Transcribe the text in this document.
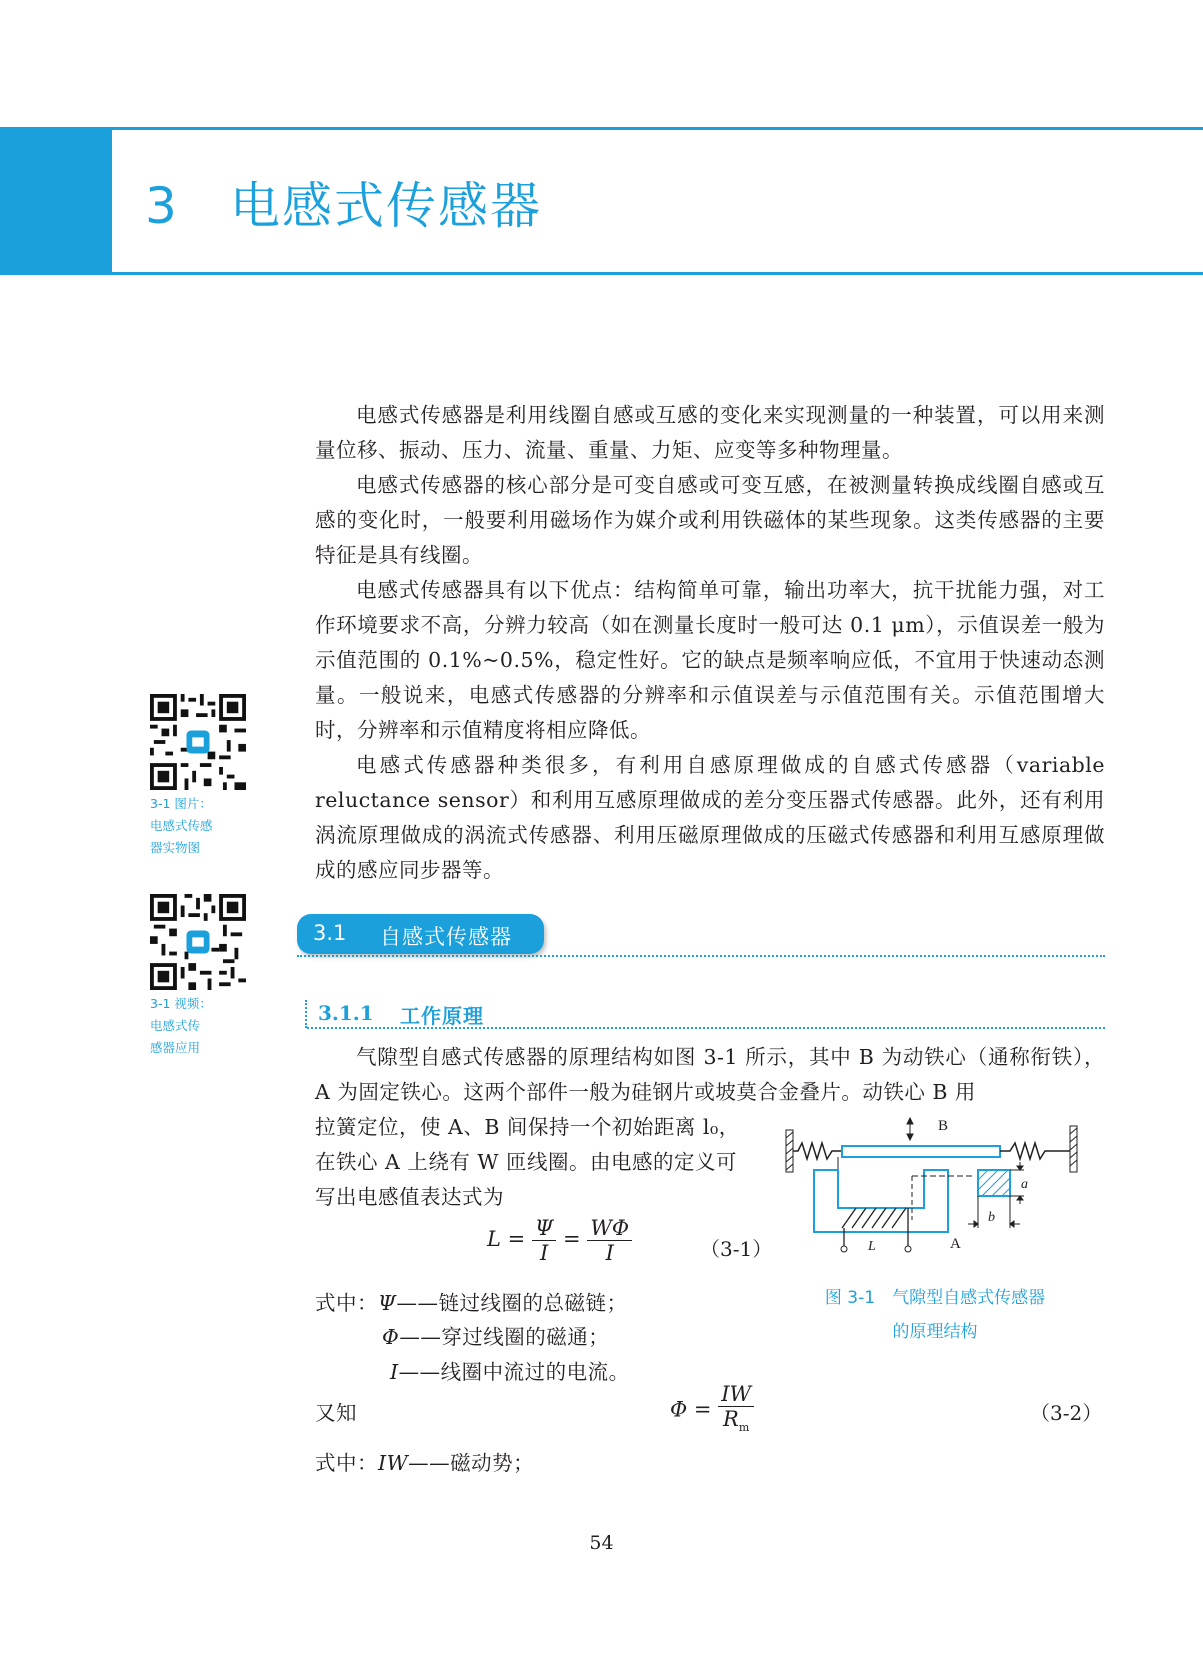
3 电感式传感器

电感式传感器是利用线圈自感或互感的变化来实现测量的一种装置，可以用来测量位移、振动、压力、流量、重量、力矩、应变等多种物理量。

电感式传感器的核心部分是可变自感或可变互感，在被测量转换成线圈自感或互感的变化时，一般要利用磁场作为媒介或利用铁磁体的某些现象。这类传感器的主要特征是具有线圈。

电感式传感器具有以下优点：结构简单可靠，输出功率大，抗干扰能力强，对工作环境要求不高，分辨力较高（如在测量长度时一般可达 0.1 μm），示值误差一般为示值范围的 0.1%~0.5%，稳定性好。它的缺点是频率响应低，不宜用于快速动态测量。一般说来，电感式传感器的分辨率和示值误差与示值范围有关。示值范围增大时，分辨率和示值精度将相应降低。

电感式传感器种类很多，有利用自感原理做成的自感式传感器（variable reluctance sensor）和利用互感原理做成的差分变压器式传感器。此外，还有利用涡流原理做成的涡流式传感器、利用压磁原理做成的压磁式传感器和利用互感原理做成的感应同步器等。

3-1 图片：
电感式传感
器实物图
3-1 视频：
电感式传
感器应用
3.1 自感式传感器
3.1.1 工作原理

气隙型自感式传感器的原理结构如图 3-1 所示，其中 B 为动铁心（通称衔铁），A 为固定铁心。这两个部件一般为硅钢片或坡莫合金叠片。动铁心 B 用

拉簧定位，使 A、B 间保持一个初始距离 l₀，
在铁心 A 上绕有 W 匝线圈。由电感的定义可
写出电感值表达式为
$L = \frac{\Psi}{I} = \frac{W\Phi}{I}$	（3-1）
式中：Ψ——链过线圈的总磁链；
Φ——穿过线圈的磁通；
I——线圈中流过的电流。
B
L	A
a
b
图 3-1　气隙型自感式传感器
的原理结构
又知	$\Phi = \frac{IW}{R_m}$	（3-2）
式中：IW——磁动势；
54
